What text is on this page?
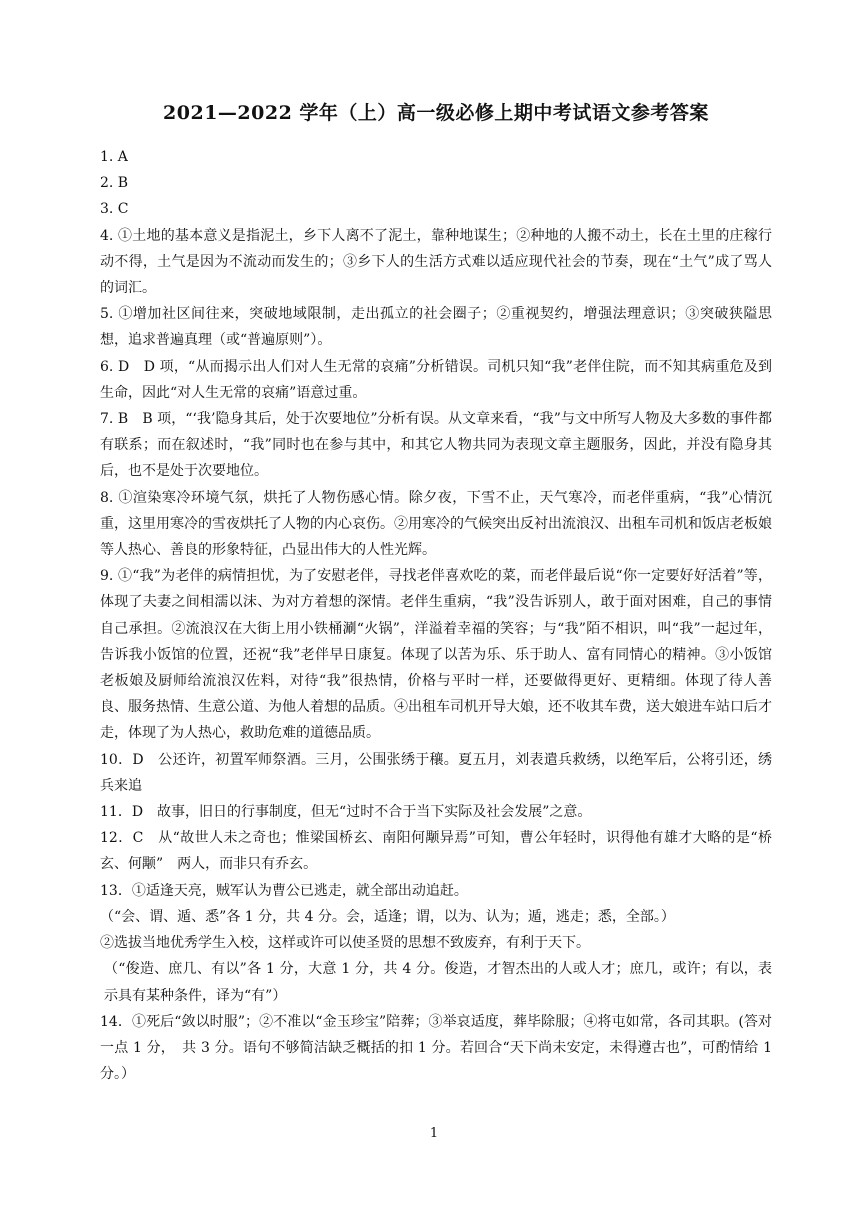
2021—2022 学年（上）高一级必修上期中考试语文参考答案

1. A

2. B

3. C

4. ①土地的基本意义是指泥土，乡下人离不了泥土，靠种地谋生；②种地的人搬不动土，长在土里的庄稼行动不得，土气是因为不流动而发生的；③乡下人的生活方式难以适应现代社会的节奏，现在“土气”成了骂人的词汇。

5. ①增加社区间往来，突破地域限制，走出孤立的社会圈子；②重视契约，增强法理意识；③突破狭隘思想，追求普遍真理（或“普遍原则”）。

6. D　D 项，“从而揭示出人们对人生无常的哀痛”分析错误。司机只知“我”老伴住院，而不知其病重危及到生命，因此“对人生无常的哀痛”语意过重。

7. B　B 项，“‘我’隐身其后，处于次要地位”分析有误。从文章来看，“我”与文中所写人物及大多数的事件都有联系；而在叙述时，“我”同时也在参与其中，和其它人物共同为表现文章主题服务，因此，并没有隐身其后，也不是处于次要地位。

8. ①渲染寒冷环境气氛，烘托了人物伤感心情。除夕夜，下雪不止，天气寒冷，而老伴重病，“我”心情沉重，这里用寒冷的雪夜烘托了人物的内心哀伤。②用寒冷的气候突出反衬出流浪汉、出租车司机和饭店老板娘等人热心、善良的形象特征，凸显出伟大的人性光辉。

9. ①“我”为老伴的病情担忧，为了安慰老伴，寻找老伴喜欢吃的菜，而老伴最后说“你一定要好好活着”等，体现了夫妻之间相濡以沫、为对方着想的深情。老伴生重病，“我”没告诉别人，敢于面对困难，自己的事情自己承担。②流浪汉在大街上用小铁桶涮“火锅”，洋溢着幸福的笑容；与“我”陌不相识，叫“我”一起过年，告诉我小饭馆的位置，还祝“我”老伴早日康复。体现了以苦为乐、乐于助人、富有同情心的精神。③小饭馆老板娘及厨师给流浪汉佐料，对待“我”很热情，价格与平时一样，还要做得更好、更精细。体现了待人善良、服务热情、生意公道、为他人着想的品质。④出租车司机开导大娘，还不收其车费，送大娘进车站口后才走，体现了为人热心，救助危难的道德品质。

10．D　公还许，初置军师祭酒。三月，公围张绣于穰。夏五月，刘表遣兵救绣，以绝军后，公将引还，绣兵来追

11．D　故事，旧日的行事制度，但无“过时不合于当下实际及社会发展”之意。

12．C　从“故世人未之奇也；惟梁国桥玄、南阳何颙异焉”可知，曹公年轻时，识得他有雄才大略的是“桥玄、何颙”　两人，而非只有乔玄。

13．①适逢天亮，贼军认为曹公已逃走，就全部出动追赶。

（“会、谓、遁、悉”各 1 分，共 4 分。会，适逢；谓，以为、认为；遁，逃走；悉，全部。）

②选拔当地优秀学生入校，这样或许可以使圣贤的思想不致废弃，有利于天下。

（“俊造、庶几、有以”各 1 分，大意 1 分，共 4 分。俊造，才智杰出的人或人才；庶几，或许；有以，表示具有某种条件，译为“有”）

14．①死后“敛以时服”；②不准以“金玉珍宝”陪葬；③举哀适度，葬毕除服；④将屯如常，各司其职。(答对一点 1 分，　共 3 分。语句不够简洁缺乏概括的扣 1 分。若回合“天下尚未安定，未得遵古也”，可酌情给 1 分。）

1
